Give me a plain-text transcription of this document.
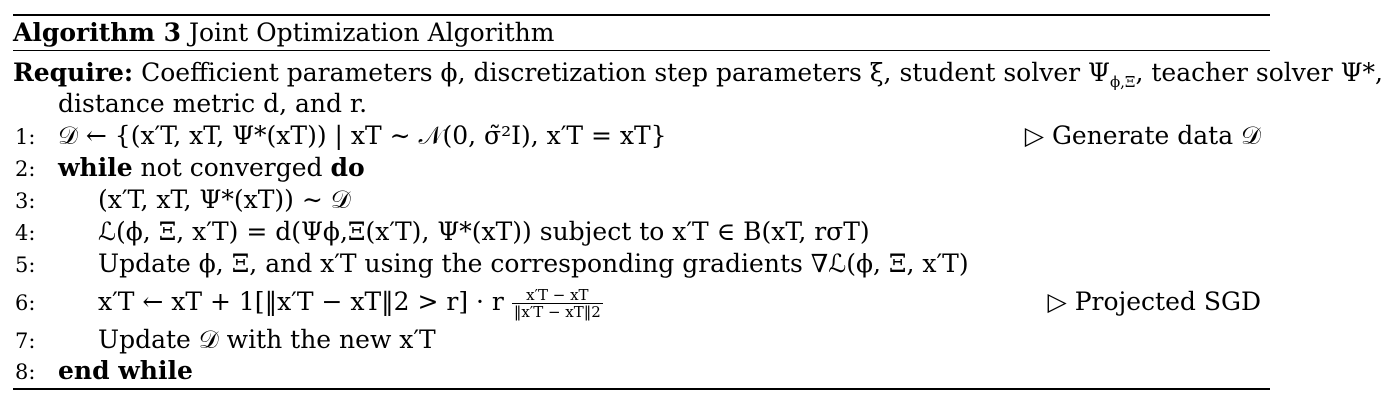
Algorithm 3 Joint Optimization Algorithm
Require: Coefficient parameters ϕ, discretization step parameters ξ, student solver $\Psi_{\phi,\Xi}$, teacher solver Ψ*,
distance metric d, and r.
1: 𝒟 ← {(x′T, xT, Ψ*(xT)) | xT ∼ 𝒩(0, σ̃²I), x′T = xT}	▷ Generate data 𝒟
2: while not converged do
3:	(x′T, xT, Ψ*(xT)) ∼ 𝒟
4:	ℒ(ϕ, Ξ, x′T) = d(Ψϕ,Ξ(x′T), Ψ*(xT)) subject to x′T ∈ B(xT, rσT)
5:	Update ϕ, Ξ, and x′T using the corresponding gradients ∇ℒ(ϕ, Ξ, x′T)
6:	x′T ← xT + 1[‖x′T − xT‖2 > r] · r $\frac{x'T - xT}{‖x'T - xT‖2}$	▷ Projected SGD
7:	Update 𝒟 with the new x′T
8: end while
